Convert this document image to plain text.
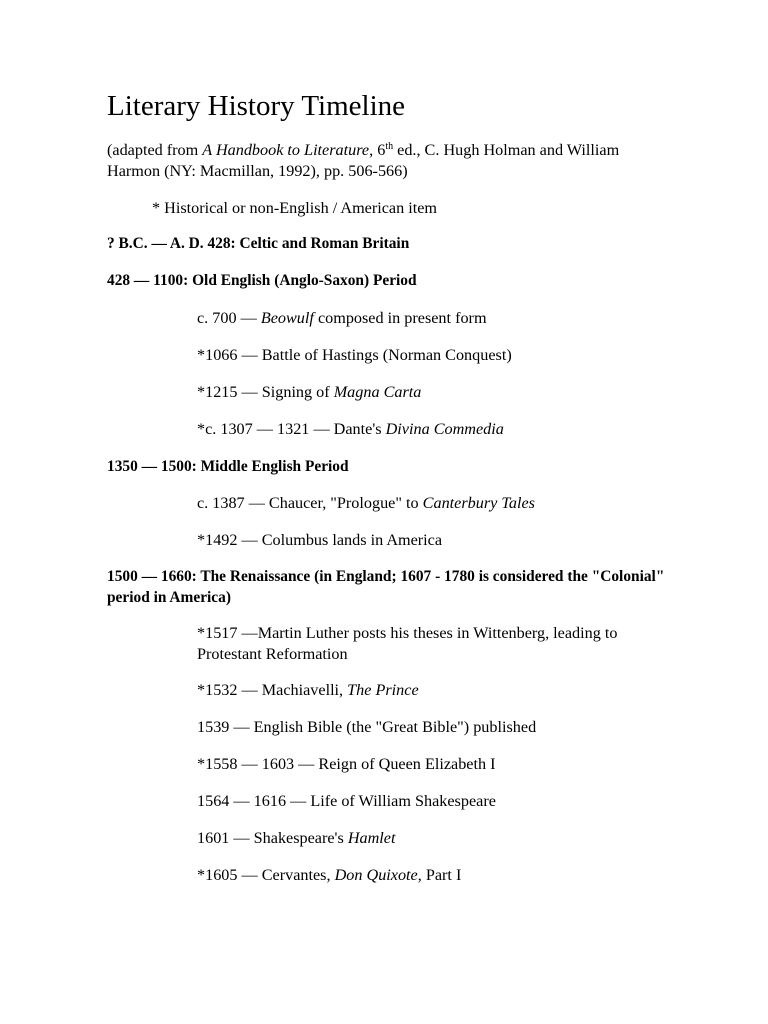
Literary History Timeline
(adapted from A Handbook to Literature, 6th ed., C. Hugh Holman and William Harmon (NY: Macmillan, 1992), pp. 506-566)
* Historical or non-English / American item
? B.C. — A. D. 428: Celtic and Roman Britain
428 — 1100: Old English (Anglo-Saxon) Period
c. 700 — Beowulf composed in present form
*1066 — Battle of Hastings (Norman Conquest)
*1215 — Signing of Magna Carta
*c. 1307 — 1321 — Dante's Divina Commedia
1350 — 1500: Middle English Period
c. 1387 — Chaucer, "Prologue" to Canterbury Tales
*1492 — Columbus lands in America
1500 — 1660: The Renaissance (in England; 1607 - 1780 is considered the "Colonial" period in America)
*1517 —Martin Luther posts his theses in Wittenberg, leading to Protestant Reformation
*1532 — Machiavelli, The Prince
1539 — English Bible (the "Great Bible") published
*1558 — 1603 — Reign of Queen Elizabeth I
1564 — 1616 — Life of William Shakespeare
1601 — Shakespeare's Hamlet
*1605 — Cervantes, Don Quixote, Part I
